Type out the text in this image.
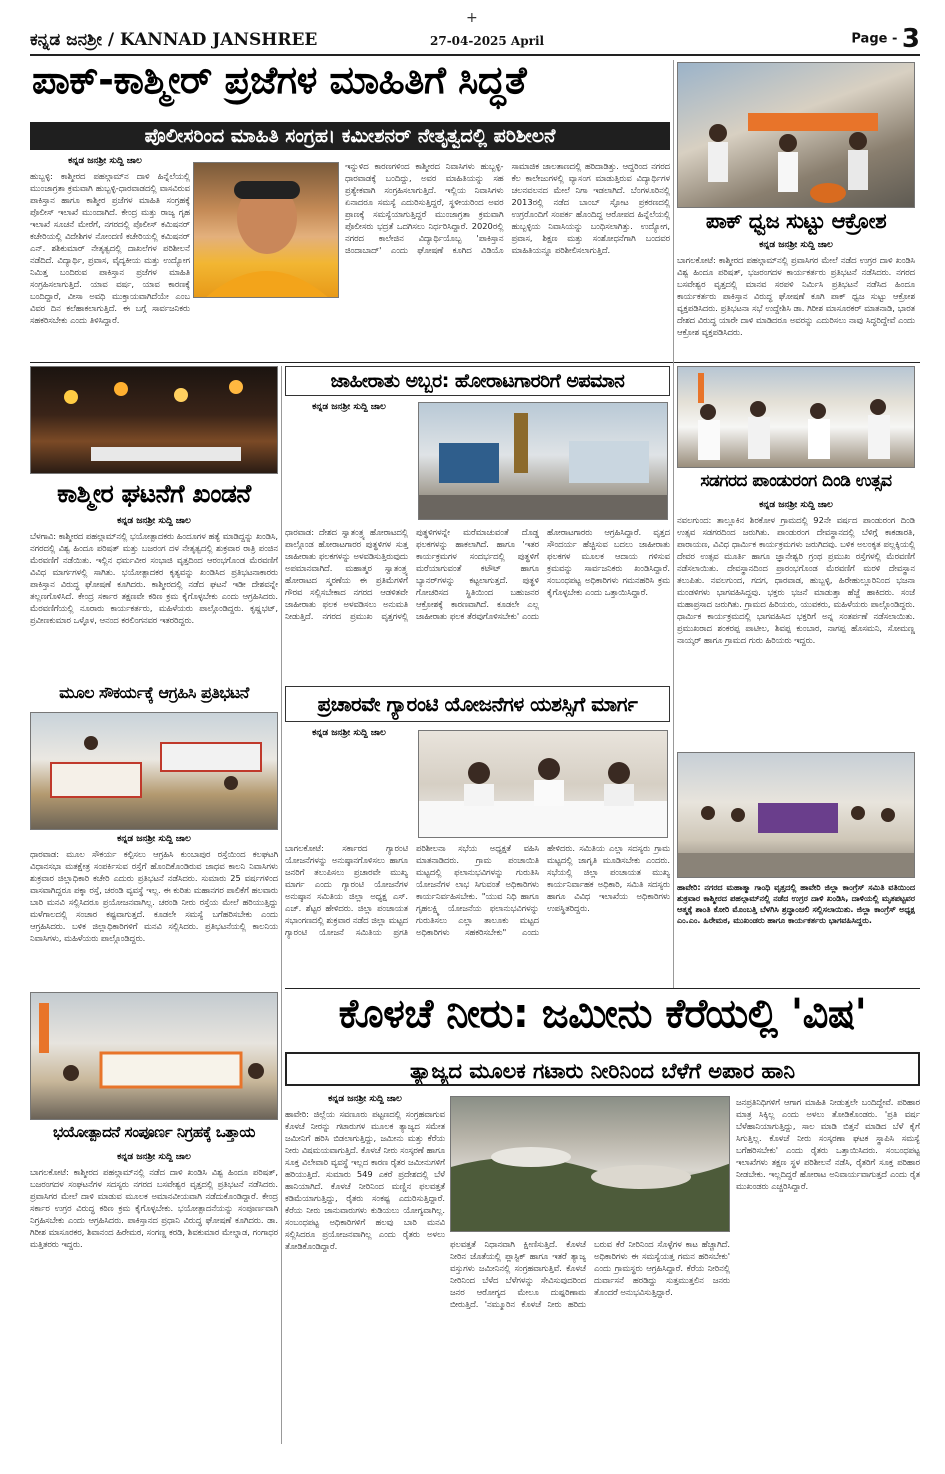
ಕನ್ನಡ ಜನಶ್ರೀ / KANNAD JANSHREE	27-04-2025 April	Page - 3
+
ಪಾಕ್-ಕಾಶ್ಮೀರ್ ಪ್ರಜೆಗಳ ಮಾಹಿತಿಗೆ ಸಿದ್ಧತೆ
ಪೊಲೀಸರಿಂದ ಮಾಹಿತಿ ಸಂಗ್ರಹ। ಕಮೀಶನರ್ ನೇತೃತ್ವದಲ್ಲಿ ಪರಿಶೀಲನೆ
ಕನ್ನಡ ಜನಶ್ರೀ ಸುದ್ದಿ ಜಾಲ
ಹುಬ್ಬಳ್ಳಿ: ಕಾಶ್ಮೀರದ ಪಹಲ್ಗಾಮ್‌ನ ದಾಳಿ ಹಿನ್ನೆಲೆಯಲ್ಲಿ ಮುಂಜಾಗ್ರತಾ ಕ್ರಮವಾಗಿ ಹುಬ್ಬಳ್ಳಿ-ಧಾರವಾಡದಲ್ಲಿ ವಾಸವಿರುವ ಪಾಕಿಸ್ತಾನ ಹಾಗೂ ಕಾಶ್ಮೀರ ಪ್ರಜೆಗಳ ಮಾಹಿತಿ ಸಂಗ್ರಹಕ್ಕೆ ಪೊಲೀಸ್ ಇಲಾಖೆ ಮುಂದಾಗಿದೆ. ಕೇಂದ್ರ ಮತ್ತು ರಾಜ್ಯ ಗೃಹ ಇಲಾಖೆ ಸೂಚನೆ ಮೇರೆಗೆ, ನಗರದಲ್ಲಿ ಪೊಲೀಸ್ ಕಮಿಷನರ್ ಕಚೇರಿಯಲ್ಲಿ ವಿದೇಶಿಗಳ ನೋಂದಣಿ ಕಚೇರಿಯಲ್ಲಿ ಕಮಿಷನರ್ ಎನ್. ಶಶಿಕುಮಾರ್ ನೇತೃತ್ವದಲ್ಲಿ ದಾಖಲೆಗಳ ಪರಿಶೀಲನೆ ನಡೆದಿದೆ. ವಿದ್ಯಾರ್ಥಿ, ಪ್ರವಾಸ, ವೈದ್ಯಕೀಯ ಮತ್ತು ಉದ್ಯೋಗ ನಿಮಿತ್ತ ಬಂದಿರುವ ಪಾಕಿಸ್ತಾನ ಪ್ರಜೆಗಳ ಮಾಹಿತಿ ಸಂಗ್ರಹಿಸಲಾಗುತ್ತಿದೆ. ಯಾವ ವರ್ಷ, ಯಾವ ಕಾರಣಕ್ಕೆ ಬಂದಿದ್ದಾರೆ, ವೀಸಾ ಅವಧಿ ಮುಕ್ತಾಯವಾಗಿದೆಯೇ ಎಂಬ ವಿವರ ದಿನ ಕಲೆಹಾಕಲಾಗುತ್ತಿದೆ. ಈ ಬಗ್ಗೆ ಸಾರ್ವಜನಿಕರು ಸಹಕರಿಸಬೇಕು ಎಂದು ತಿಳಿಸಿದ್ದಾರೆ.
ಇನ್ನುಳಿದ ಕಾರಣಗಳಿಂದ ಕಾಶ್ಮೀರದ ನಿವಾಸಿಗಳು ಹುಬ್ಬಳ್ಳಿ-ಧಾರವಾಡಕ್ಕೆ ಬಂದಿದ್ದು, ಅವರ ಮಾಹಿತಿಯನ್ನು ಸಹ ಪ್ರತ್ಯೇಕವಾಗಿ ಸಂಗ್ರಹಿಸಲಾಗುತ್ತಿದೆ. ಇಲ್ಲಿಯ ನಿವಾಸಿಗಳು ಏನಾದರೂ ಸಮಸ್ಯೆ ಎದುರಿಸುತ್ತಿದ್ದರೆ, ಸ್ಥಳೀಯರಿಂದ ಅವರ ಪ್ರಾಣಕ್ಕೆ ಸಮಸ್ಯೆಯಾಗುತ್ತಿದ್ದರೆ ಮುಂಜಾಗ್ರತಾ ಕ್ರಮವಾಗಿ ಪೊಲೀಸರು ಭದ್ರತೆ ಒದಗಿಸಲು ನಿರ್ಧರಿಸಿದ್ದಾರೆ. 2020ರಲ್ಲಿ ನಗರದ ಕಾಲೇಜಿನ ವಿದ್ಯಾರ್ಥಿಯೊಬ್ಬ 'ಪಾಕಿಸ್ತಾನ ಜಿಂದಾಬಾದ್' ಎಂದು ಘೋಷಣೆ ಕೂಗಿದ ವಿಡಿಯೊ ಸಾಮಾಜಿಕ ಜಾಲತಾಣದಲ್ಲಿ ಹರಿದಾಡಿತ್ತು. ಆದ್ದರಿಂದ ನಗರದ ಕೆಲ ಕಾಲೇಜುಗಳಲ್ಲಿ ವ್ಯಾಸಂಗ ಮಾಡುತ್ತಿರುವ ವಿದ್ಯಾರ್ಥಿಗಳ ಚಲನವಲನದ ಮೇಲೆ ನಿಗಾ ಇಡಲಾಗಿದೆ. ಬೆಂಗಳೂರಿನಲ್ಲಿ 2013ರಲ್ಲಿ ನಡೆದ ಬಾಂಬ್ ಸ್ಫೋಟ ಪ್ರಕರಣದಲ್ಲಿ ಉಗ್ರರೊಂದಿಗೆ ಸಂಪರ್ಕ ಹೊಂದಿದ್ದ ಆರೋಪದ ಹಿನ್ನೆಲೆಯಲ್ಲಿ ಹುಬ್ಬಳ್ಳಿಯ ನಿವಾಸಿಯನ್ನು ಬಂಧಿಸಲಾಗಿತ್ತು. ಉದ್ಯೋಗ, ಪ್ರವಾಸ, ಶಿಕ್ಷಣ ಮತ್ತು ಸಂಶೋಧನೆಗಾಗಿ ಬಂದವರ ಮಾಹಿತಿಯನ್ನೂ ಪರಿಶೀಲಿಸಲಾಗುತ್ತಿದೆ.
ಪಾಕ್ ಧ್ವಜ ಸುಟ್ಟು ಆಕ್ರೋಶ
ಕನ್ನಡ ಜನಶ್ರೀ ಸುದ್ದಿ ಜಾಲ
ಬಾಗಲಕೋಟೆ: ಕಾಶ್ಮೀರದ ಪಹಲ್ಗಾಮ್‌ನಲ್ಲಿ ಪ್ರವಾಸಿಗರ ಮೇಲೆ ನಡೆದ ಉಗ್ರರ ದಾಳಿ ಖಂಡಿಸಿ ವಿಶ್ವ ಹಿಂದೂ ಪರಿಷತ್, ಭಜರಂಗದಳ ಕಾರ್ಯಕರ್ತರು ಪ್ರತಿಭಟನೆ ನಡೆಸಿದರು. ನಗರದ ಬಸವೇಶ್ವರ ವೃತ್ತದಲ್ಲಿ ಮಾನವ ಸರಪಳಿ ನಿರ್ಮಿಸಿ ಪ್ರತಿಭಟನೆ ನಡೆಸಿದ ಹಿಂದೂ ಕಾರ್ಯಕರ್ತರು ಪಾಕಿಸ್ತಾನ ವಿರುದ್ಧ ಘೋಷಣೆ ಕೂಗಿ ಪಾಕ್ ಧ್ವಜ ಸುಟ್ಟು ಆಕ್ರೋಶ ವ್ಯಕ್ತಪಡಿಸಿದರು. ಪ್ರತಿಭಟನಾ ಸಭೆ ಉದ್ದೇಶಿಸಿ ಡಾ. ಗಿರೀಶ ಮಾಸೂರಕರ್ ಮಾತನಾಡಿ, ಭಾರತ ದೇಶದ ವಿರುದ್ಧ ಯಾರೇ ದಾಳಿ ಮಾಡಿದರೂ ಅವರನ್ನು ಎದುರಿಸಲು ನಾವು ಸಿದ್ಧರಿದ್ದೇವೆ ಎಂದು ಆಕ್ರೋಶ ವ್ಯಕ್ತಪಡಿಸಿದರು.
ಕಾಶ್ಮೀರ ಘಟನೆಗೆ ಖಂಡನೆ
ಕನ್ನಡ ಜನಶ್ರೀ ಸುದ್ದಿ ಜಾಲ
ಬೆಳಗಾವಿ: ಕಾಶ್ಮೀರದ ಪಹಲ್ಗಾಮ್‌ನಲ್ಲಿ ಭಯೋತ್ಪಾದಕರು ಹಿಂದೂಗಳ ಹತ್ಯೆ ಮಾಡಿದ್ದನ್ನು ಖಂಡಿಸಿ, ನಗರದಲ್ಲಿ ವಿಶ್ವ ಹಿಂದೂ ಪರಿಷತ್ ಮತ್ತು ಬಜರಂಗ ದಳ ನೇತೃತ್ವದಲ್ಲಿ ಶುಕ್ರವಾರ ರಾತ್ರಿ ಪಂಜಿನ ಮೆರವಣಿಗೆ ನಡೆಯಿತು. ಇಲ್ಲಿನ ಧರ್ಮವೀರ ಸಂಭಾಜಿ ವೃತ್ತದಿಂದ ಆರಂಭಗೊಂಡ ಮೆರವಣಿಗೆ ವಿವಿಧ ಮಾರ್ಗಗಳಲ್ಲಿ ಸಾಗಿತು. ಭಯೋತ್ಪಾದಕರ ಕೃತ್ಯವನ್ನು ಖಂಡಿಸಿದ ಪ್ರತಿಭಟನಾಕಾರರು ಪಾಕಿಸ್ತಾನ ವಿರುದ್ಧ ಘೋಷಣೆ ಕೂಗಿದರು. ಕಾಶ್ಮೀರದಲ್ಲಿ ನಡೆದ ಘಟನೆ ಇಡೀ ದೇಶವನ್ನೇ ತಲ್ಲಣಗೊಳಿಸಿದೆ. ಕೇಂದ್ರ ಸರ್ಕಾರ ತಕ್ಷಣವೇ ಕಠಿಣ ಕ್ರಮ ಕೈಗೊಳ್ಳಬೇಕು ಎಂದು ಆಗ್ರಹಿಸಿದರು. ಮೆರವಣಿಗೆಯಲ್ಲಿ ನೂರಾರು ಕಾರ್ಯಕರ್ತರು, ಮಹಿಳೆಯರು ಪಾಲ್ಗೊಂಡಿದ್ದರು. ಕೃಷ್ಣಭಟ್, ಪ್ರವೀಣಕುಮಾರ ಒಳ್ಳೊಳ, ಆನಂದ ಕರಲಿಂಗನವರ ಇತರರಿದ್ದರು.
ಜಾಹೀರಾತು ಅಬ್ಬರ: ಹೋರಾಟಗಾರರಿಗೆ ಅಪಮಾನ
ಕನ್ನಡ ಜನಶ್ರೀ ಸುದ್ದಿ ಜಾಲ
ಧಾರವಾಡ: ದೇಶದ ಸ್ವಾತಂತ್ರ್ಯ ಹೋರಾಟದಲ್ಲಿ ಪಾಲ್ಗೊಂಡ ಹೋರಾಟಗಾರರ ಪುತ್ಥಳಿಗಳ ಸುತ್ತ ಜಾಹೀರಾತು ಫಲಕಗಳನ್ನು ಅಳವಡಿಸುತ್ತಿರುವುದು ಅಪಮಾನವಾಗಿದೆ. ಮಹಾತ್ಮರ ಸ್ವಾತಂತ್ರ್ಯ ಹೋರಾಟದ ಸ್ಮರಣೆಯ ಈ ಪ್ರತಿಮೆಗಳಿಗೆ ಗೌರವ ಸಲ್ಲಿಸಬೇಕಾದ ನಗರದ ಆಡಳಿತವೇ ಜಾಹೀರಾತು ಫಲಕ ಅಳವಡಿಸಲು ಅನುಮತಿ ನೀಡುತ್ತಿದೆ. ನಗರದ ಪ್ರಮುಖ ವೃತ್ತಗಳಲ್ಲಿ ಪುತ್ಥಳಿಗಳನ್ನೇ ಮರೆಮಾಚುವಂತೆ ದೊಡ್ಡ ಫಲಕಗಳನ್ನು ಹಾಕಲಾಗಿದೆ. ಹಾಗೂ 'ಇತರ ಕಾರ್ಯಕ್ರಮಗಳ ಸಂದರ್ಭದಲ್ಲಿ ಪುತ್ಥಳಿಗೆ ಮರೆಯಾಗುವಂತೆ ಕಟೌಟ್ ಹಾಗೂ ಬ್ಯಾನರ್‌ಗಳನ್ನು ಕಟ್ಟಲಾಗುತ್ತದೆ. ಪುತ್ಥಳಿ ಗೋಚರಿಸದ ಸ್ಥಿತಿಯಿಂದ ಬಹುಜನರ ಆಕ್ರೋಶಕ್ಕೆ ಕಾರಣವಾಗಿದೆ. ಕೂಡಲೇ ಎಲ್ಲ ಜಾಹೀರಾತು ಫಲಕ ತೆರವುಗೊಳಿಸಬೇಕು' ಎಂದು ಹೋರಾಟಗಾರರು ಆಗ್ರಹಿಸಿದ್ದಾರೆ. ವೃತ್ತದ ಸೌಂದರ್ಯ ಹೆಚ್ಚಿಸುವ ಬದಲು ಜಾಹೀರಾತು ಫಲಕಗಳ ಮೂಲಕ ಆದಾಯ ಗಳಿಸುವ ಕ್ರಮವನ್ನು ಸಾರ್ವಜನಿಕರು ಖಂಡಿಸಿದ್ದಾರೆ. ಸಂಬಂಧಪಟ್ಟ ಅಧಿಕಾರಿಗಳು ಗಮನಹರಿಸಿ ಕ್ರಮ ಕೈಗೊಳ್ಳಬೇಕು ಎಂದು ಒತ್ತಾಯಿಸಿದ್ದಾರೆ.
ಸಡಗರದ ಪಾಂಡುರಂಗ ದಿಂಡಿ ಉತ್ಸವ
ಕನ್ನಡ ಜನಶ್ರೀ ಸುದ್ದಿ ಜಾಲ
ನವಲಗುಂದ: ತಾಲ್ಲೂಕಿನ ಶಿರಕೋಳ ಗ್ರಾಮದಲ್ಲಿ 92ನೇ ವರ್ಷದ ಪಾಂಡುರಂಗ ದಿಂಡಿ ಉತ್ಸವ ಸಡಗರದಿಂದ ಜರುಗಿತು. ಪಾಂಡುರಂಗ ದೇವಸ್ಥಾನದಲ್ಲಿ ಬೆಳಿಗ್ಗೆ ಕಾಕಡಾರತಿ, ಪಾರಾಯಣ, ವಿವಿಧ ಧಾರ್ಮಿಕ ಕಾರ್ಯಕ್ರಮಗಳು ಜರುಗಿದವು. ಬಳಿಕ ಅಲಂಕೃತ ಪಲ್ಲಕ್ಕಿಯಲ್ಲಿ ದೇವರ ಉತ್ಸವ ಮೂರ್ತಿ ಹಾಗೂ ಜ್ಞಾನೇಶ್ವರಿ ಗ್ರಂಥ ಪ್ರಮುಖ ರಸ್ತೆಗಳಲ್ಲಿ ಮೆರವಣಿಗೆ ನಡೆಸಲಾಯಿತು. ದೇವಸ್ಥಾನದಿಂದ ಪ್ರಾರಂಭಗೊಂಡ ಮೆರವಣಿಗೆ ಮರಳಿ ದೇವಸ್ಥಾನ ತಲುಪಿತು. ನವಲಗುಂದ, ಗದಗ, ಧಾರವಾಡ, ಹುಬ್ಬಳ್ಳಿ, ಹಿರೇಹುಲ್ಲೂರಿನಿಂದ ಭಜನಾ ಮಂಡಳಿಗಳು ಭಾಗವಹಿಸಿದ್ದವು. ಭಕ್ತರು ಭಜನೆ ಮಾಡುತ್ತಾ ಹೆಜ್ಜೆ ಹಾಕಿದರು. ಸಂಜೆ ಮಹಾಪ್ರಸಾದ ಜರುಗಿತು. ಗ್ರಾಮದ ಹಿರಿಯರು, ಯುವಕರು, ಮಹಿಳೆಯರು ಪಾಲ್ಗೊಂಡಿದ್ದರು. ಧಾರ್ಮಿಕ ಕಾರ್ಯಕ್ರಮದಲ್ಲಿ ಭಾಗವಹಿಸಿದ ಭಕ್ತರಿಗೆ ಅನ್ನ ಸಂತರ್ಪಣೆ ನಡೆಸಲಾಯಿತು. ಪ್ರಮುಖರಾದ ಶಂಕರಪ್ಪ ಪಾಟೀಲ, ಶಿವಪ್ಪ ಕುಂಬಾರ, ನಾಗಪ್ಪ ಹೊಸಮನಿ, ಸೋಮಣ್ಣ ನಾಯ್ಕರ್ ಹಾಗೂ ಗ್ರಾಮದ ಗುರು ಹಿರಿಯರು ಇದ್ದರು.
ಮೂಲ ಸೌಕರ್ಯಕ್ಕೆ ಆಗ್ರಹಿಸಿ ಪ್ರತಿಭಟನೆ
ಕನ್ನಡ ಜನಶ್ರೀ ಸುದ್ದಿ ಜಾಲ
ಧಾರವಾಡ: ಮೂಲ ಸೌಕರ್ಯ ಕಲ್ಪಿಸಲು ಆಗ್ರಹಿಸಿ ಕುಂಬಾಪುರ ರಸ್ತೆಯಿಂದ ಕಲಘಟಗಿ ವಿಧಾನಸಭಾ ಮತಕ್ಷೇತ್ರ ಸಂಪರ್ಕಿಸುವ ರಸ್ತೆಗೆ ಹೊಂದಿಕೊಂಡಿರುವ ಜಾಧವ ಕಾಲನಿ ನಿವಾಸಿಗಳು ಶುಕ್ರವಾರ ಜಿಲ್ಲಾಧಿಕಾರಿ ಕಚೇರಿ ಎದುರು ಪ್ರತಿಭಟನೆ ನಡೆಸಿದರು. ಸುಮಾರು 25 ವರ್ಷಗಳಿಂದ ವಾಸವಾಗಿದ್ದರೂ ಪಕ್ಕಾ ರಸ್ತೆ, ಚರಂಡಿ ವ್ಯವಸ್ಥೆ ಇಲ್ಲ. ಈ ಕುರಿತು ಮಹಾನಗರ ಪಾಲಿಕೆಗೆ ಹಲವಾರು ಬಾರಿ ಮನವಿ ಸಲ್ಲಿಸಿದರೂ ಪ್ರಯೋಜನವಾಗಿಲ್ಲ. ಚರಂಡಿ ನೀರು ರಸ್ತೆಯ ಮೇಲೆ ಹರಿಯುತ್ತಿದ್ದು ಮಳೆಗಾಲದಲ್ಲಿ ಸಂಚಾರ ಕಷ್ಟವಾಗುತ್ತದೆ. ಕೂಡಲೇ ಸಮಸ್ಯೆ ಬಗೆಹರಿಸಬೇಕು ಎಂದು ಆಗ್ರಹಿಸಿದರು. ಬಳಿಕ ಜಿಲ್ಲಾಧಿಕಾರಿಗಳಿಗೆ ಮನವಿ ಸಲ್ಲಿಸಿದರು. ಪ್ರತಿಭಟನೆಯಲ್ಲಿ ಕಾಲನಿಯ ನಿವಾಸಿಗಳು, ಮಹಿಳೆಯರು ಪಾಲ್ಗೊಂಡಿದ್ದರು.
ಪ್ರಚಾರವೇ ಗ್ಯಾರಂಟಿ ಯೋಜನೆಗಳ ಯಶಸ್ಸಿಗೆ ಮಾರ್ಗ
ಕನ್ನಡ ಜನಶ್ರೀ ಸುದ್ದಿ ಜಾಲ
ಬಾಗಲಕೋಟೆ: ಸರ್ಕಾರದ ಗ್ಯಾರಂಟಿ ಯೋಜನೆಗಳನ್ನು ಅನುಷ್ಠಾನಗೊಳಿಸಲು ಹಾಗೂ ಜನರಿಗೆ ತಲುಪಿಸಲು ಪ್ರಚಾರವೇ ಮುಖ್ಯ ಮಾರ್ಗ ಎಂದು ಗ್ಯಾರಂಟಿ ಯೋಜನೆಗಳ ಅನುಷ್ಠಾನ ಸಮಿತಿಯ ಜಿಲ್ಲಾ ಅಧ್ಯಕ್ಷ ಎಸ್. ಎಚ್. ಶೆಟ್ಟರ ಹೇಳಿದರು. ಜಿಲ್ಲಾ ಪಂಚಾಯತ ಸಭಾಂಗಣದಲ್ಲಿ ಶುಕ್ರವಾರ ನಡೆದ ಜಿಲ್ಲಾ ಮಟ್ಟದ ಗ್ಯಾರಂಟಿ ಯೋಜನೆ ಸಮಿತಿಯ ಪ್ರಗತಿ ಪರಿಶೀಲನಾ ಸಭೆಯ ಅಧ್ಯಕ್ಷತೆ ವಹಿಸಿ ಮಾತನಾಡಿದರು. ಗ್ರಾಮ ಪಂಚಾಯಿತಿ ಮಟ್ಟದಲ್ಲಿ ಫಲಾನುಭವಿಗಳನ್ನು ಗುರುತಿಸಿ ಯೋಜನೆಗಳ ಲಾಭ ಸಿಗುವಂತೆ ಅಧಿಕಾರಿಗಳು ಕಾರ್ಯನಿರ್ವಹಿಸಬೇಕು. "ಯುವ ನಿಧಿ ಹಾಗೂ ಗೃಹಲಕ್ಷ್ಮಿ ಯೋಜನೆಯ ಫಲಾನುಭವಿಗಳನ್ನು ಗುರುತಿಸಲು ಎಲ್ಲಾ ತಾಲೂಕು ಮಟ್ಟದ ಅಧಿಕಾರಿಗಳು ಸಹಕರಿಸಬೇಕು" ಎಂದು ಹೇಳಿದರು. ಸಮಿತಿಯ ಎಲ್ಲಾ ಸದಸ್ಯರು ಗ್ರಾಮ ಮಟ್ಟದಲ್ಲಿ ಜಾಗೃತಿ ಮೂಡಿಸಬೇಕು ಎಂದರು. ಸಭೆಯಲ್ಲಿ ಜಿಲ್ಲಾ ಪಂಚಾಯತ ಮುಖ್ಯ ಕಾರ್ಯನಿರ್ವಾಹಕ ಅಧಿಕಾರಿ, ಸಮಿತಿ ಸದಸ್ಯರು ಹಾಗೂ ವಿವಿಧ ಇಲಾಖೆಯ ಅಧಿಕಾರಿಗಳು ಉಪಸ್ಥಿತರಿದ್ದರು.
ಹಾವೇರಿ: ನಗರದ ಮಹಾತ್ಮಾ ಗಾಂಧಿ ವೃತ್ತದಲ್ಲಿ ಹಾವೇರಿ ಜಿಲ್ಲಾ ಕಾಂಗ್ರೆಸ್ ಸಮಿತಿ ವತಿಯಿಂದ ಶುಕ್ರವಾರ ಕಾಶ್ಮೀರದ ಪಹಲ್ಗಾಮ್‌ನಲ್ಲಿ ನಡೆದ ಉಗ್ರರ ದಾಳಿ ಖಂಡಿಸಿ, ದಾಳಿಯಲ್ಲಿ ಮೃತಪಟ್ಟವರ ಆತ್ಮಕ್ಕೆ ಶಾಂತಿ ಕೋರಿ ಮೊಂಬತ್ತಿ ಬೆಳಗಿಸಿ ಶ್ರದ್ಧಾಂಜಲಿ ಸಲ್ಲಿಸಲಾಯಿತು. ಜಿಲ್ಲಾ ಕಾಂಗ್ರೆಸ್ ಅಧ್ಯಕ್ಷ ಎಂ.ಎಂ. ಹಿರೇಮಠ, ಮುಖಂಡರು ಹಾಗೂ ಕಾರ್ಯಕರ್ತರು ಭಾಗವಹಿಸಿದ್ದರು.
ಕೊಳಚೆ ನೀರು: ಜಮೀನು ಕೆರೆಯಲ್ಲಿ 'ವಿಷ'
ತ್ಯಾಜ್ಯದ ಮೂಲಕ ಗಟಾರು ನೀರಿನಿಂದ ಬೆಳೆಗೆ ಅಪಾರ ಹಾನಿ
ಕನ್ನಡ ಜನಶ್ರೀ ಸುದ್ದಿ ಜಾಲ
ಹಾವೇರಿ: ಜಿಲ್ಲೆಯ ಸವಣೂರು ಪಟ್ಟಣದಲ್ಲಿ ಸಂಗ್ರಹವಾಗುವ ಕೊಳಚೆ ನೀರನ್ನು ಗಟಾರುಗಳ ಮೂಲಕ ತ್ಯಾಜ್ಯದ ಸಮೇತ ಜಮೀನಿಗೆ ಹರಿಸಿ ಬಿಡಲಾಗುತ್ತಿದ್ದು, ಜಮೀನು ಮತ್ತು ಕೆರೆಯ ನೀರು ವಿಷಮಯವಾಗುತ್ತಿದೆ. ಕೊಳಚೆ ನೀರು ಸಂಸ್ಕರಣೆ ಹಾಗೂ ಸೂಕ್ತ ವಿಲೇವಾರಿ ವ್ಯವಸ್ಥೆ ಇಲ್ಲದ ಕಾರಣ ರೈತರ ಜಮೀನುಗಳಿಗೆ ಹರಿಯುತ್ತಿದೆ. ಸುಮಾರು 549 ಎಕರೆ ಪ್ರದೇಶದಲ್ಲಿ ಬೆಳೆ ಹಾನಿಯಾಗಿದೆ. ಕೊಳಚೆ ನೀರಿನಿಂದ ಮಣ್ಣಿನ ಫಲವತ್ತತೆ ಕಡಿಮೆಯಾಗುತ್ತಿದ್ದು, ರೈತರು ಸಂಕಷ್ಟ ಎದುರಿಸುತ್ತಿದ್ದಾರೆ. ಕೆರೆಯ ನೀರು ಜಾನುವಾರುಗಳು ಕುಡಿಯಲು ಯೋಗ್ಯವಾಗಿಲ್ಲ. ಸಂಬಂಧಪಟ್ಟ ಅಧಿಕಾರಿಗಳಿಗೆ ಹಲವು ಬಾರಿ ಮನವಿ ಸಲ್ಲಿಸಿದರೂ ಪ್ರಯೋಜನವಾಗಿಲ್ಲ ಎಂದು ರೈತರು ಅಳಲು ತೋಡಿಕೊಂಡಿದ್ದಾರೆ.	ಫಲವತ್ತತೆ ನಿಧಾನವಾಗಿ ಕ್ಷೀಣಿಸುತ್ತಿದೆ. ಕೊಳಚೆ ನೀರಿನ ಜೊತೆಯಲ್ಲಿ ಪ್ಲಾಸ್ಟಿಕ್ ಹಾಗೂ ಇತರೆ ತ್ಯಾಜ್ಯ ವಸ್ತುಗಳು ಜಮೀನಿನಲ್ಲಿ ಸಂಗ್ರಹವಾಗುತ್ತಿವೆ. ಕೊಳಚೆ ನೀರಿನಿಂದ ಬೆಳೆದ ಬೆಳೆಗಳನ್ನು ಸೇವಿಸುವುದರಿಂದ ಜನರ ಆರೋಗ್ಯದ ಮೇಲೂ ದುಷ್ಪರಿಣಾಮ ಬೀರುತ್ತಿದೆ. 'ನಮ್ಮೂರಿನ ಕೊಳಚೆ ನೀರು ಹರಿದು ಬರುವ ಕೆರೆ ನೀರಿನಿಂದ ಸೊಳ್ಳೆಗಳ ಕಾಟ ಹೆಚ್ಚಾಗಿದೆ. ಅಧಿಕಾರಿಗಳು ಈ ಸಮಸ್ಯೆಯತ್ತ ಗಮನ ಹರಿಸಬೇಕು' ಎಂದು ಗ್ರಾಮಸ್ಥರು ಆಗ್ರಹಿಸಿದ್ದಾರೆ. ಕೆರೆಯ ನೀರಿನಲ್ಲಿ ದುರ್ವಾಸನೆ ಹರಡಿದ್ದು ಸುತ್ತಮುತ್ತಲಿನ ಜನರು ತೊಂದರೆ ಅನುಭವಿಸುತ್ತಿದ್ದಾರೆ.
ಜನಪ್ರತಿನಿಧಿಗಳಿಗೆ ಆಗಾಗ ಮಾಹಿತಿ ನೀಡುತ್ತಲೇ ಬಂದಿದ್ದೇವೆ. ಪರಿಹಾರ ಮಾತ್ರ ಸಿಕ್ಕಿಲ್ಲ ಎಂದು ಅಳಲು ತೋಡಿಕೊಂಡರು. 'ಪ್ರತಿ ವರ್ಷ ಬೆಳೆಹಾನಿಯಾಗುತ್ತಿದ್ದು, ಸಾಲ ಮಾಡಿ ಬಿತ್ತನೆ ಮಾಡಿದ ಬೆಳೆ ಕೈಗೆ ಸಿಗುತ್ತಿಲ್ಲ. ಕೊಳಚೆ ನೀರು ಸಂಸ್ಕರಣಾ ಘಟಕ ಸ್ಥಾಪಿಸಿ ಸಮಸ್ಯೆ ಬಗೆಹರಿಸಬೇಕು' ಎಂದು ರೈತರು ಒತ್ತಾಯಿಸಿದರು. ಸಂಬಂಧಪಟ್ಟ ಇಲಾಖೆಗಳು ತಕ್ಷಣ ಸ್ಥಳ ಪರಿಶೀಲನೆ ನಡೆಸಿ, ರೈತರಿಗೆ ಸೂಕ್ತ ಪರಿಹಾರ ನೀಡಬೇಕು. ಇಲ್ಲದಿದ್ದರೆ ಹೋರಾಟ ಅನಿವಾರ್ಯವಾಗುತ್ತದೆ ಎಂದು ರೈತ ಮುಖಂಡರು ಎಚ್ಚರಿಸಿದ್ದಾರೆ.
ಭಯೋತ್ಪಾದನೆ ಸಂಪೂರ್ಣ ನಿಗ್ರಹಕ್ಕೆ ಒತ್ತಾಯ
ಕನ್ನಡ ಜನಶ್ರೀ ಸುದ್ದಿ ಜಾಲ
ಬಾಗಲಕೋಟೆ: ಕಾಶ್ಮೀರದ ಪಹಲ್ಗಾಮ್‌ನಲ್ಲಿ ನಡೆದ ದಾಳಿ ಖಂಡಿಸಿ ವಿಶ್ವ ಹಿಂದೂ ಪರಿಷತ್, ಬಜರಂಗದಳ ಸಂಘಟನೆಗಳ ಸದಸ್ಯರು ನಗರದ ಬಸವೇಶ್ವರ ವೃತ್ತದಲ್ಲಿ ಪ್ರತಿಭಟನೆ ನಡೆಸಿದರು. ಪ್ರವಾಸಿಗರ ಮೇಲೆ ದಾಳಿ ಮಾಡುವ ಮೂಲಕ ಅಮಾನವೀಯವಾಗಿ ನಡೆದುಕೊಂಡಿದ್ದಾರೆ. ಕೇಂದ್ರ ಸರ್ಕಾರ ಉಗ್ರರ ವಿರುದ್ಧ ಕಠಿಣ ಕ್ರಮ ಕೈಗೊಳ್ಳಬೇಕು. ಭಯೋತ್ಪಾದನೆಯನ್ನು ಸಂಪೂರ್ಣವಾಗಿ ನಿಗ್ರಹಿಸಬೇಕು ಎಂದು ಆಗ್ರಹಿಸಿದರು. ಪಾಕಿಸ್ತಾನದ ಪ್ರಧಾನಿ ವಿರುದ್ಧ ಘೋಷಣೆ ಕೂಗಿದರು. ಡಾ. ಗಿರೀಶ ಮಾಸೂರಕರ, ಶಿವಾನಂದ ಹಿರೇಮಠ, ಸಂಗಣ್ಣ ಕರಡಿ, ಶಿವಕುಮಾರ ಮೇಲ್ನಾಡ, ಗಂಗಾಧರ ಮತ್ತಿತರರು ಇದ್ದರು.
